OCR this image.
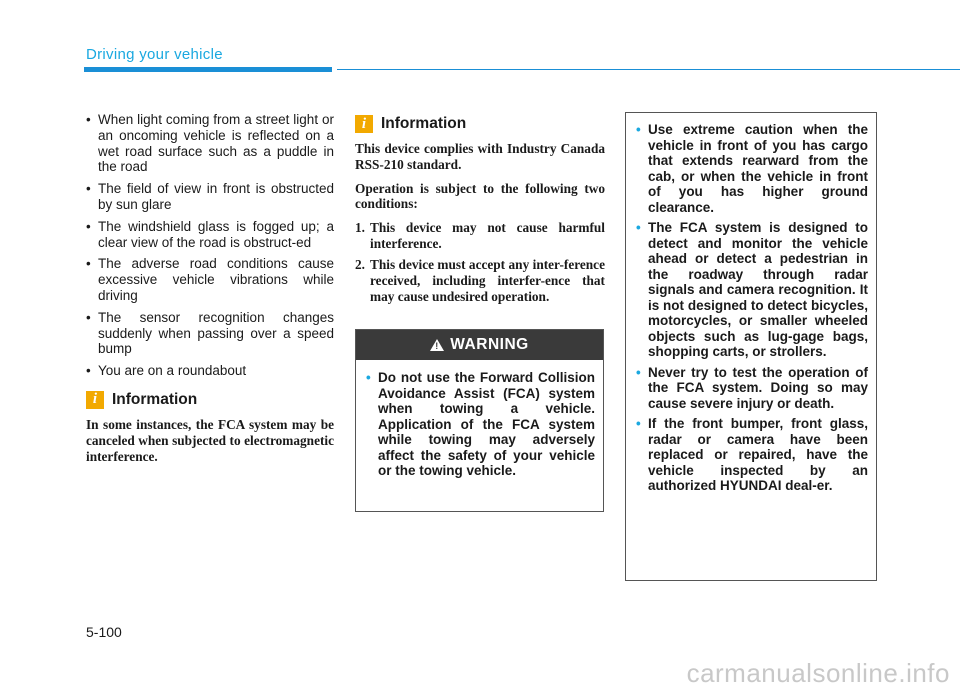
Driving your vehicle
• When light coming from a street light or an oncoming vehicle is reflected on a wet road surface such as a puddle in the road
• The field of view in front is obstructed by sun glare
• The windshield glass is fogged up; a clear view of the road is obstruct-ed
• The adverse road conditions cause excessive vehicle vibrations while driving
• The sensor recognition changes suddenly when passing over a speed bump
• You are on a roundabout
i Information

In some instances, the FCA system may be canceled when subjected to electromagnetic interference.

i Information

This device complies with Industry Canada RSS-210 standard.

Operation is subject to the following two conditions:

1. This device may not cause harmful interference.
2. This device must accept any inter-ference received, including interfer-ence that may cause undesired operation.
! WARNING
• Do not use the Forward Collision Avoidance Assist (FCA) system when towing a vehicle. Application of the FCA system while towing may adversely affect the safety of your vehicle or the towing vehicle.
• Use extreme caution when the vehicle in front of you has cargo that extends rearward from the cab, or when the vehicle in front of you has higher ground clearance.
• The FCA system is designed to detect and monitor the vehicle ahead or detect a pedestrian in the roadway through radar signals and camera recognition. It is not designed to detect bicycles, motorcycles, or smaller wheeled objects such as lug-gage bags, shopping carts, or strollers.
• Never try to test the operation of the FCA system. Doing so may cause severe injury or death.
• If the front bumper, front glass, radar or camera have been replaced or repaired, have the vehicle inspected by an authorized HYUNDAI deal-er.
5-100
carmanualsonline.info
